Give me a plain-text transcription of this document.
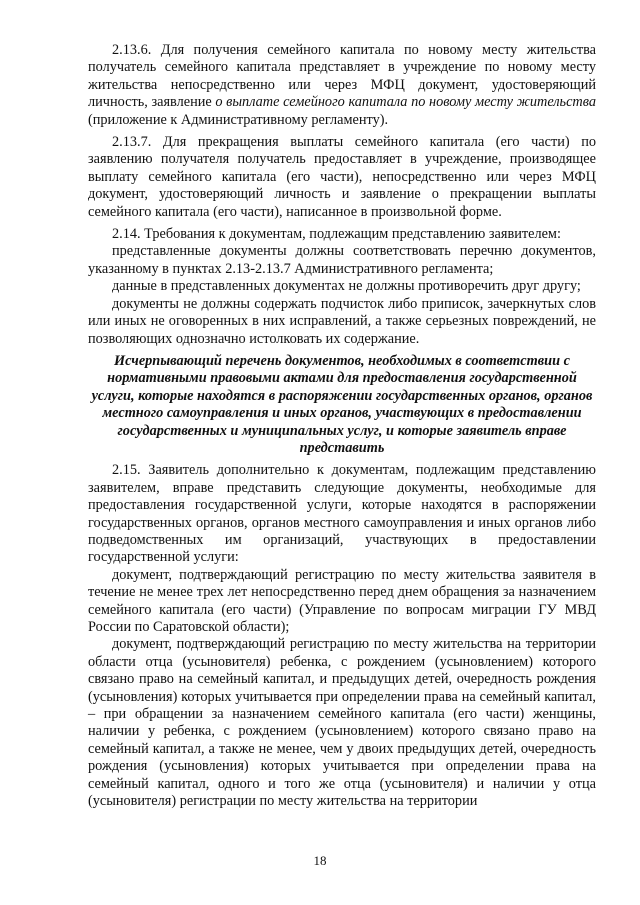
2.13.6. Для получения семейного капитала по новому месту жительства получатель семейного капитала представляет в учреждение по новому месту жительства непосредственно или через МФЦ документ, удостоверяющий личность, заявление о выплате семейного капитала по новому месту жительства (приложение к Административному регламенту).

2.13.7. Для прекращения выплаты семейного капитала (его части) по заявлению получателя получатель предоставляет в учреждение, производящее выплату семейного капитала (его части), непосредственно или через МФЦ документ, удостоверяющий личность и заявление о прекращении выплаты семейного капитала (его части), написанное в произвольной форме.

2.14. Требования к документам, подлежащим представлению заявителем:

представленные документы должны соответствовать перечню документов, указанному в пунктах 2.13-2.13.7 Административного регламента;

данные в представленных документах не должны противоречить друг другу;

документы не должны содержать подчисток либо приписок, зачеркнутых слов или иных не оговоренных в них исправлений, а также серьезных повреждений, не позволяющих однозначно истолковать их содержание.

Исчерпывающий перечень документов, необходимых в соответствии с нормативными правовыми актами для предоставления государственной услуги, которые находятся в распоряжении государственных органов, органов местного самоуправления и иных органов, участвующих в предоставлении государственных и муниципальных услуг, и которые заявитель вправе представить

2.15. Заявитель дополнительно к документам, подлежащим представлению заявителем, вправе представить следующие документы, необходимые для предоставления государственной услуги, которые находятся в распоряжении государственных органов, органов местного самоуправления и иных органов либо подведомственных им организаций, участвующих в предоставлении государственной услуги:

документ, подтверждающий регистрацию по месту жительства заявителя в течение не менее трех лет непосредственно перед днем обращения за назначением семейного капитала (его части) (Управление по вопросам миграции ГУ МВД России по Саратовской области);

документ, подтверждающий регистрацию по месту жительства на территории области отца (усыновителя) ребенка, с рождением (усыновлением) которого связано право на семейный капитал, и предыдущих детей, очередность рождения (усыновления) которых учитывается при определении права на семейный капитал, – при обращении за назначением семейного капитала (его части) женщины, наличии у ребенка, с рождением (усыновлением) которого связано право на семейный капитал, а также не менее, чем у двоих предыдущих детей, очередность рождения (усыновления) которых учитывается при определении права на семейный капитал, одного и того же отца (усыновителя) и наличии у отца (усыновителя) регистрации по месту жительства на территории

18
